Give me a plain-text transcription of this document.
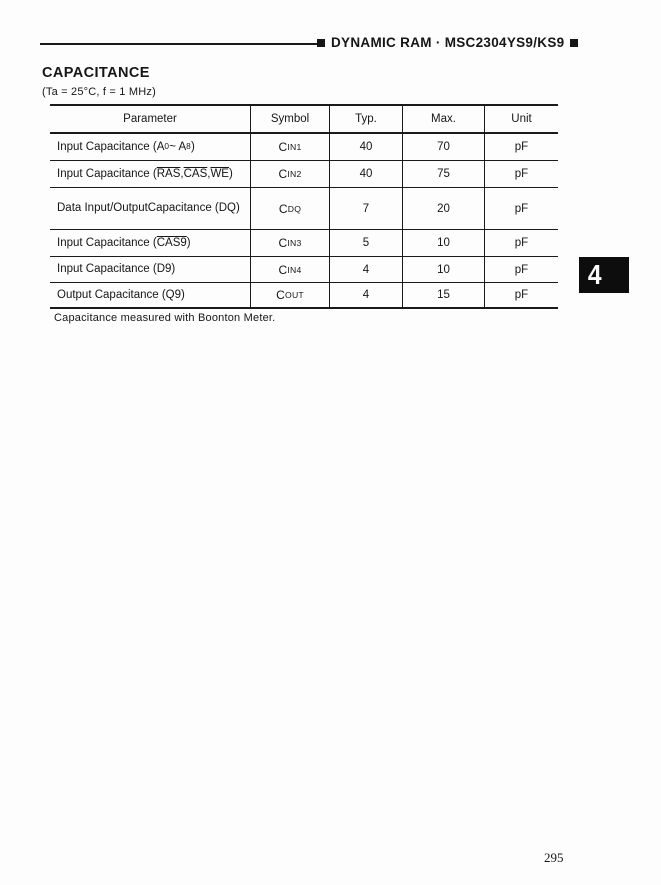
DYNAMIC RAM · MSC2304YS9/KS9
CAPACITANCE
(Ta = 25°C, f = 1 MHz)
Parameter	Symbol	Typ.	Max.	Unit
Input Capacitance (A 0 ~ A 8 )	C IN1	40	70	pF
Input Capacitance ( $\overline{RAS}$ , $\overline{CAS}$ , $\overline{WE}$ )	C IN2	40	75	pF
Data Input/Output Capacitance (DQ)	C DQ	7	20	pF
Input Capacitance ( CAS9 )	C IN3	5	10	pF
Input Capacitance (D9)	C IN4	4	10	pF
Output Capacitance (Q9)	C OUT	4	15	pF
Capacitance measured with Boonton Meter.
4
295
